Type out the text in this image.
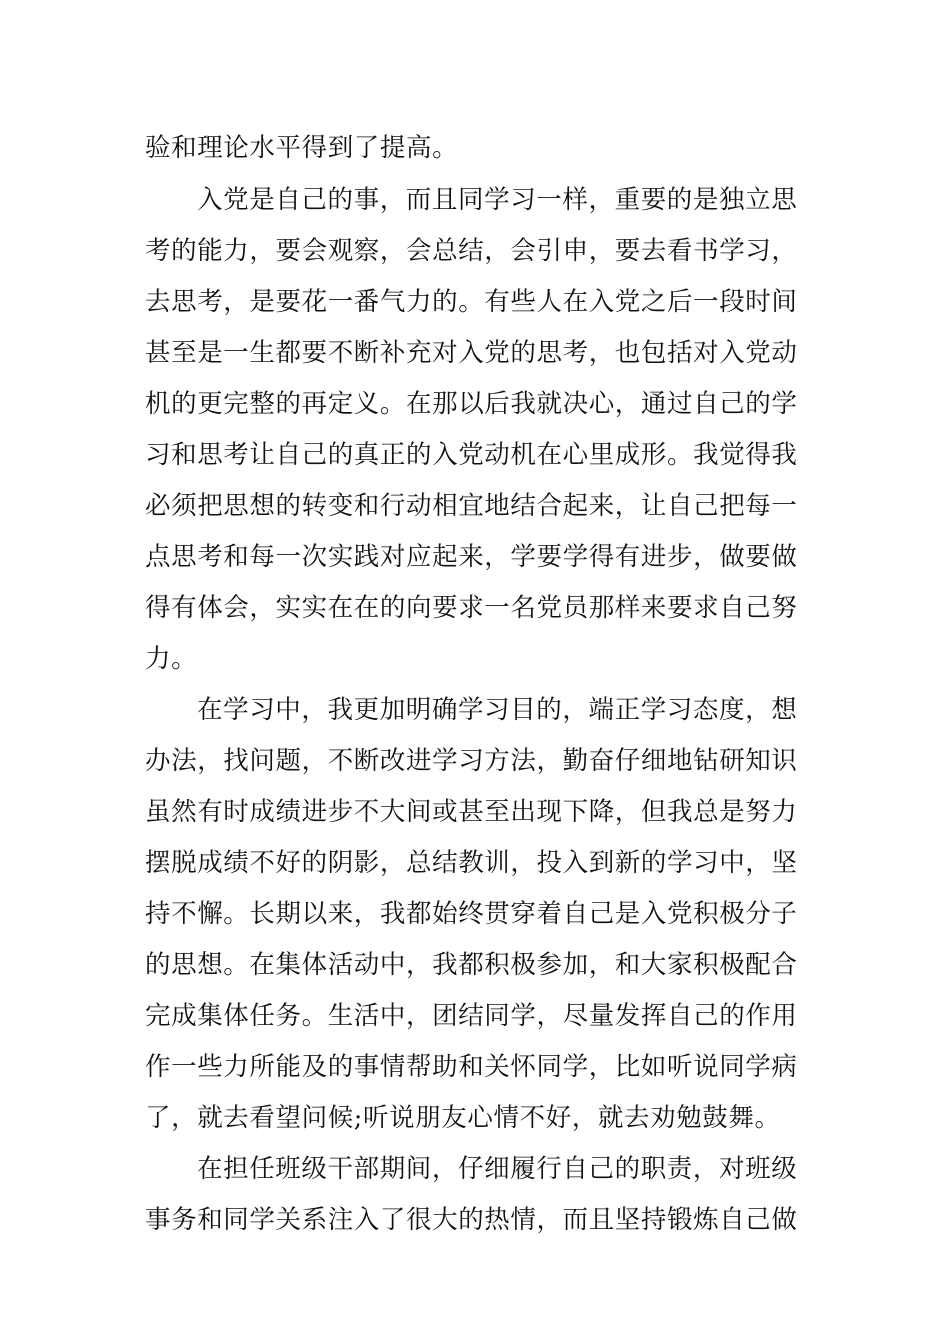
验和理论水平得到了提高。
入党是自己的事，而且同学习一样，重要的是独立思
考的能力，要会观察，会总结，会引申，要去看书学习，
去思考，是要花一番气力的。有些人在入党之后一段时间
甚至是一生都要不断补充对入党的思考，也包括对入党动
机的更完整的再定义。在那以后我就决心，通过自己的学
习和思考让自己的真正的入党动机在心里成形。我觉得我
必须把思想的转变和行动相宜地结合起来，让自己把每一
点思考和每一次实践对应起来，学要学得有进步，做要做
得有体会，实实在在的向要求一名党员那样来要求自己努
力。
在学习中，我更加明确学习目的，端正学习态度，想
办法，找问题，不断改进学习方法，勤奋仔细地钻研知识
虽然有时成绩进步不大间或甚至出现下降，但我总是努力
摆脱成绩不好的阴影，总结教训，投入到新的学习中，坚
持不懈。长期以来，我都始终贯穿着自己是入党积极分子
的思想。在集体活动中，我都积极参加，和大家积极配合
完成集体任务。生活中，团结同学，尽量发挥自己的作用
作一些力所能及的事情帮助和关怀同学，比如听说同学病
了，就去看望问候;听说朋友心情不好，就去劝勉鼓舞。
在担任班级干部期间，仔细履行自己的职责，对班级
事务和同学关系注入了很大的热情，而且坚持锻炼自己做
